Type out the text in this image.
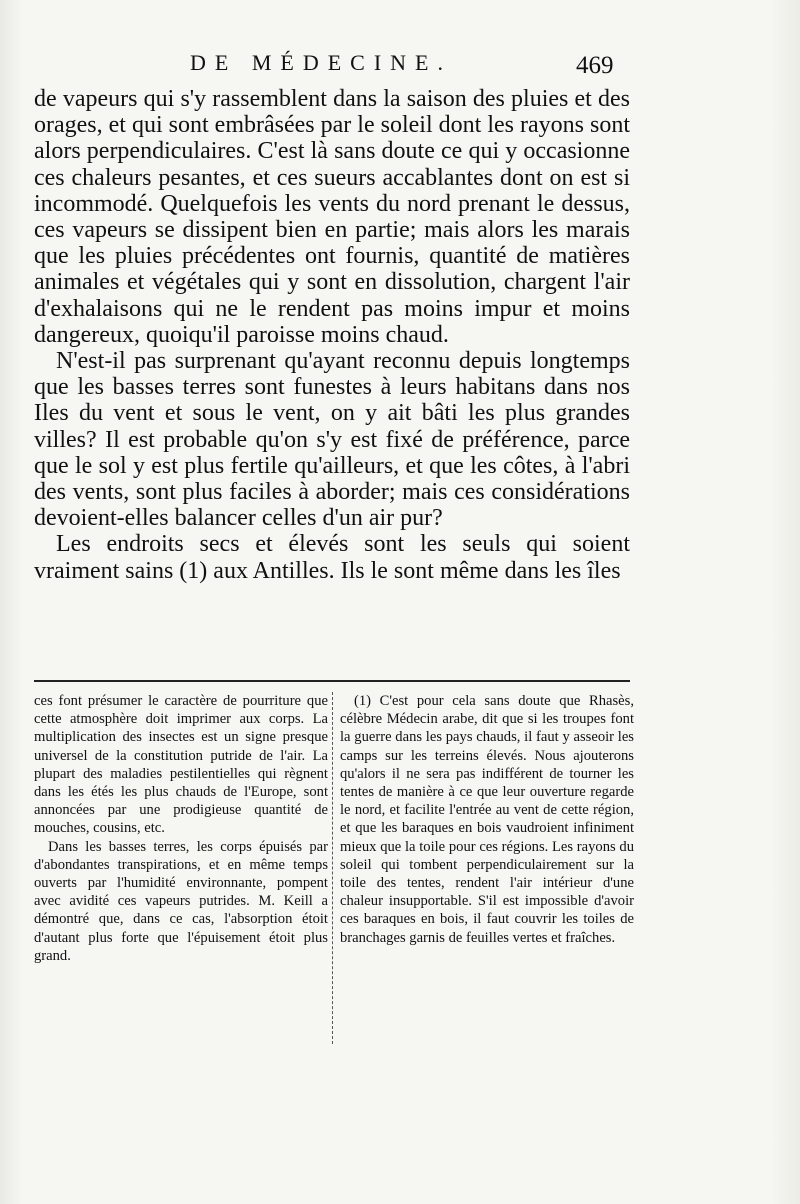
DE MÉDECINE.	469

de vapeurs qui s'y rassemblent dans la saison des pluies et des orages, et qui sont embrâsées par le soleil dont les rayons sont alors perpendiculaires. C'est là sans doute ce qui y occasionne ces chaleurs pesantes, et ces sueurs accablantes dont on est si incommodé. Quelquefois les vents du nord prenant le dessus, ces vapeurs se dissipent bien en partie; mais alors les marais que les pluies précédentes ont fournis, quantité de matières animales et végétales qui y sont en dissolution, chargent l'air d'exhalaisons qui ne le rendent pas moins impur et moins dangereux, quoiqu'il paroisse moins chaud.

N'est-il pas surprenant qu'ayant reconnu depuis longtemps que les basses terres sont funestes à leurs habitans dans nos Iles du vent et sous le vent, on y ait bâti les plus grandes villes? Il est probable qu'on s'y est fixé de préférence, parce que le sol y est plus fertile qu'ailleurs, et que les côtes, à l'abri des vents, sont plus faciles à aborder; mais ces considérations devoient-elles balancer celles d'un air pur?

Les endroits secs et élevés sont les seuls qui soient vraiment sains (1) aux Antilles. Ils le sont même dans les îles

ces font présumer le caractère de pourriture que cette atmosphère doit imprimer aux corps. La multiplication des insectes est un signe presque universel de la constitution putride de l'air. La plupart des maladies pestilentielles qui règnent dans les étés les plus chauds de l'Europe, sont annoncées par une prodigieuse quantité de mouches, cousins, etc.

Dans les basses terres, les corps épuisés par d'abondantes transpirations, et en même temps ouverts par l'humidité environnante, pompent avec avidité ces vapeurs putrides. M. Keill a démontré que, dans ce cas, l'absorption étoit d'autant plus forte que l'épuisement étoit plus grand.

(1) C'est pour cela sans doute que Rhasès, célèbre Médecin arabe, dit que si les troupes font la guerre dans les pays chauds, il faut y asseoir les camps sur les terreins élevés. Nous ajouterons qu'alors il ne sera pas indifférent de tourner les tentes de manière à ce que leur ouverture regarde le nord, et facilite l'entrée au vent de cette région, et que les baraques en bois vaudroient infiniment mieux que la toile pour ces régions. Les rayons du soleil qui tombent perpendiculairement sur la toile des tentes, rendent l'air intérieur d'une chaleur insupportable. S'il est impossible d'avoir ces baraques en bois, il faut couvrir les toiles de branchages garnis de feuilles vertes et fraîches.
